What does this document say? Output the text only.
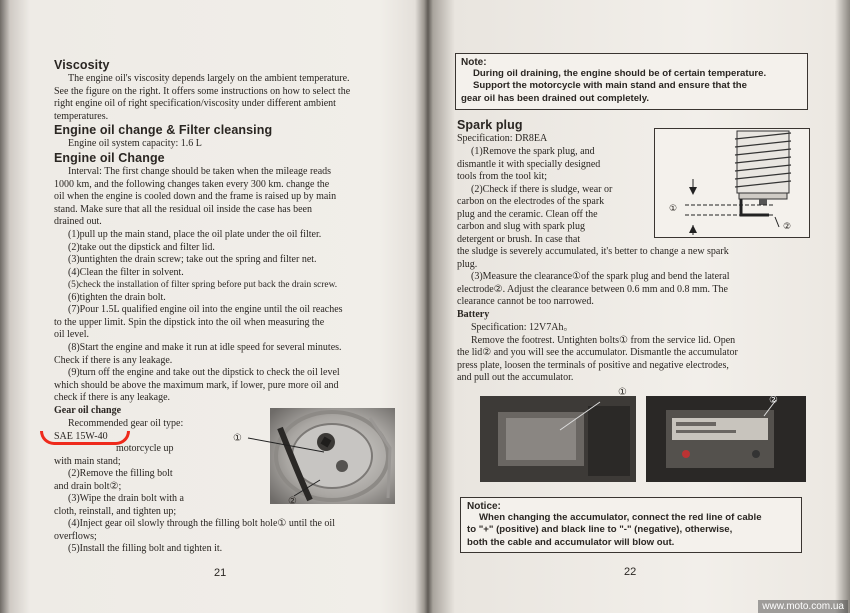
Viscosity
The engine oil's viscosity depends largely on the ambient temperature.
See the figure on the right. It offers some instructions on how to select the
right engine oil of right specification/viscosity under different ambient
temperatures.
Engine oil change & Filter cleansing
Engine oil system capacity: 1.6 L
Engine oil Change
Interval: The first change should be taken when the mileage reads
1000 km, and the following changes taken every 300 km. change the
oil when the engine is cooled down and the frame is raised up by main
stand. Make sure that all the residual oil inside the case has been
drained out.
(1)pull up the main stand, place the oil plate under the oil filter.
(2)take out the dipstick and filter lid.
(3)untighten the drain screw; take out the spring and filter net.
(4)Clean the filter in solvent.
(5)check the installation of filter spring before put back the drain screw.
(6)tighten the drain bolt.
(7)Pour 1.5L qualified engine oil into the engine until the oil reaches
to the upper limit. Spin the dipstick into the oil when measuring the
oil level.
(8)Start the engine and make it run at idle speed for several minutes.
Check if there is any leakage.
(9)turn off the engine and take out the dipstick to check the oil level
which should be above the maximum mark, if lower, pure more oil and
check if there is any leakage.
Gear oil change
Recommended gear oil type:
SAE 15W-40
motorcycle up
with main stand;
(2)Remove the filling bolt
and drain bolt②;
(3)Wipe the drain bolt with a
cloth, reinstall, and tighten up;
(4)Inject gear oil slowly through the filling bolt hole① until the oil
overflows;
(5)Install the filling bolt and tighten it.
①
②
21
Note:
During oil draining, the engine should be of certain temperature.
Support the motorcycle with main stand and ensure that the
gear oil has been drained out completely.
Spark plug
Specification: DR8EA
(1)Remove the spark plug, and
dismantle it with specially designed
tools from the tool kit;
(2)Check if there is sludge, wear or
carbon on the electrodes of the spark
plug and the ceramic. Clean off the
carbon and slug with spark plug
detergent or brush. In case that
the sludge is severely accumulated, it's better to change a new spark
plug.
(3)Measure the clearance①of the spark plug and bend the lateral
electrode②. Adjust the clearance between 0.6 mm and 0.8 mm. The
clearance cannot be too narrowed.
①
②
Battery
Specification: 12V7Ah。
Remove the footrest. Untighten bolts① from the service lid. Open
the lid② and you will see the accumulator. Dismantle the accumulator
press plate, loosen the terminals of positive and negative electrodes,
and pull out the accumulator.
①
②
Notice:
When changing the accumulator, connect the red line of cable
to "+" (positive) and black line to "-" (negative), otherwise,
both the cable and accumulator will blow out.
22
www.moto.com.ua
